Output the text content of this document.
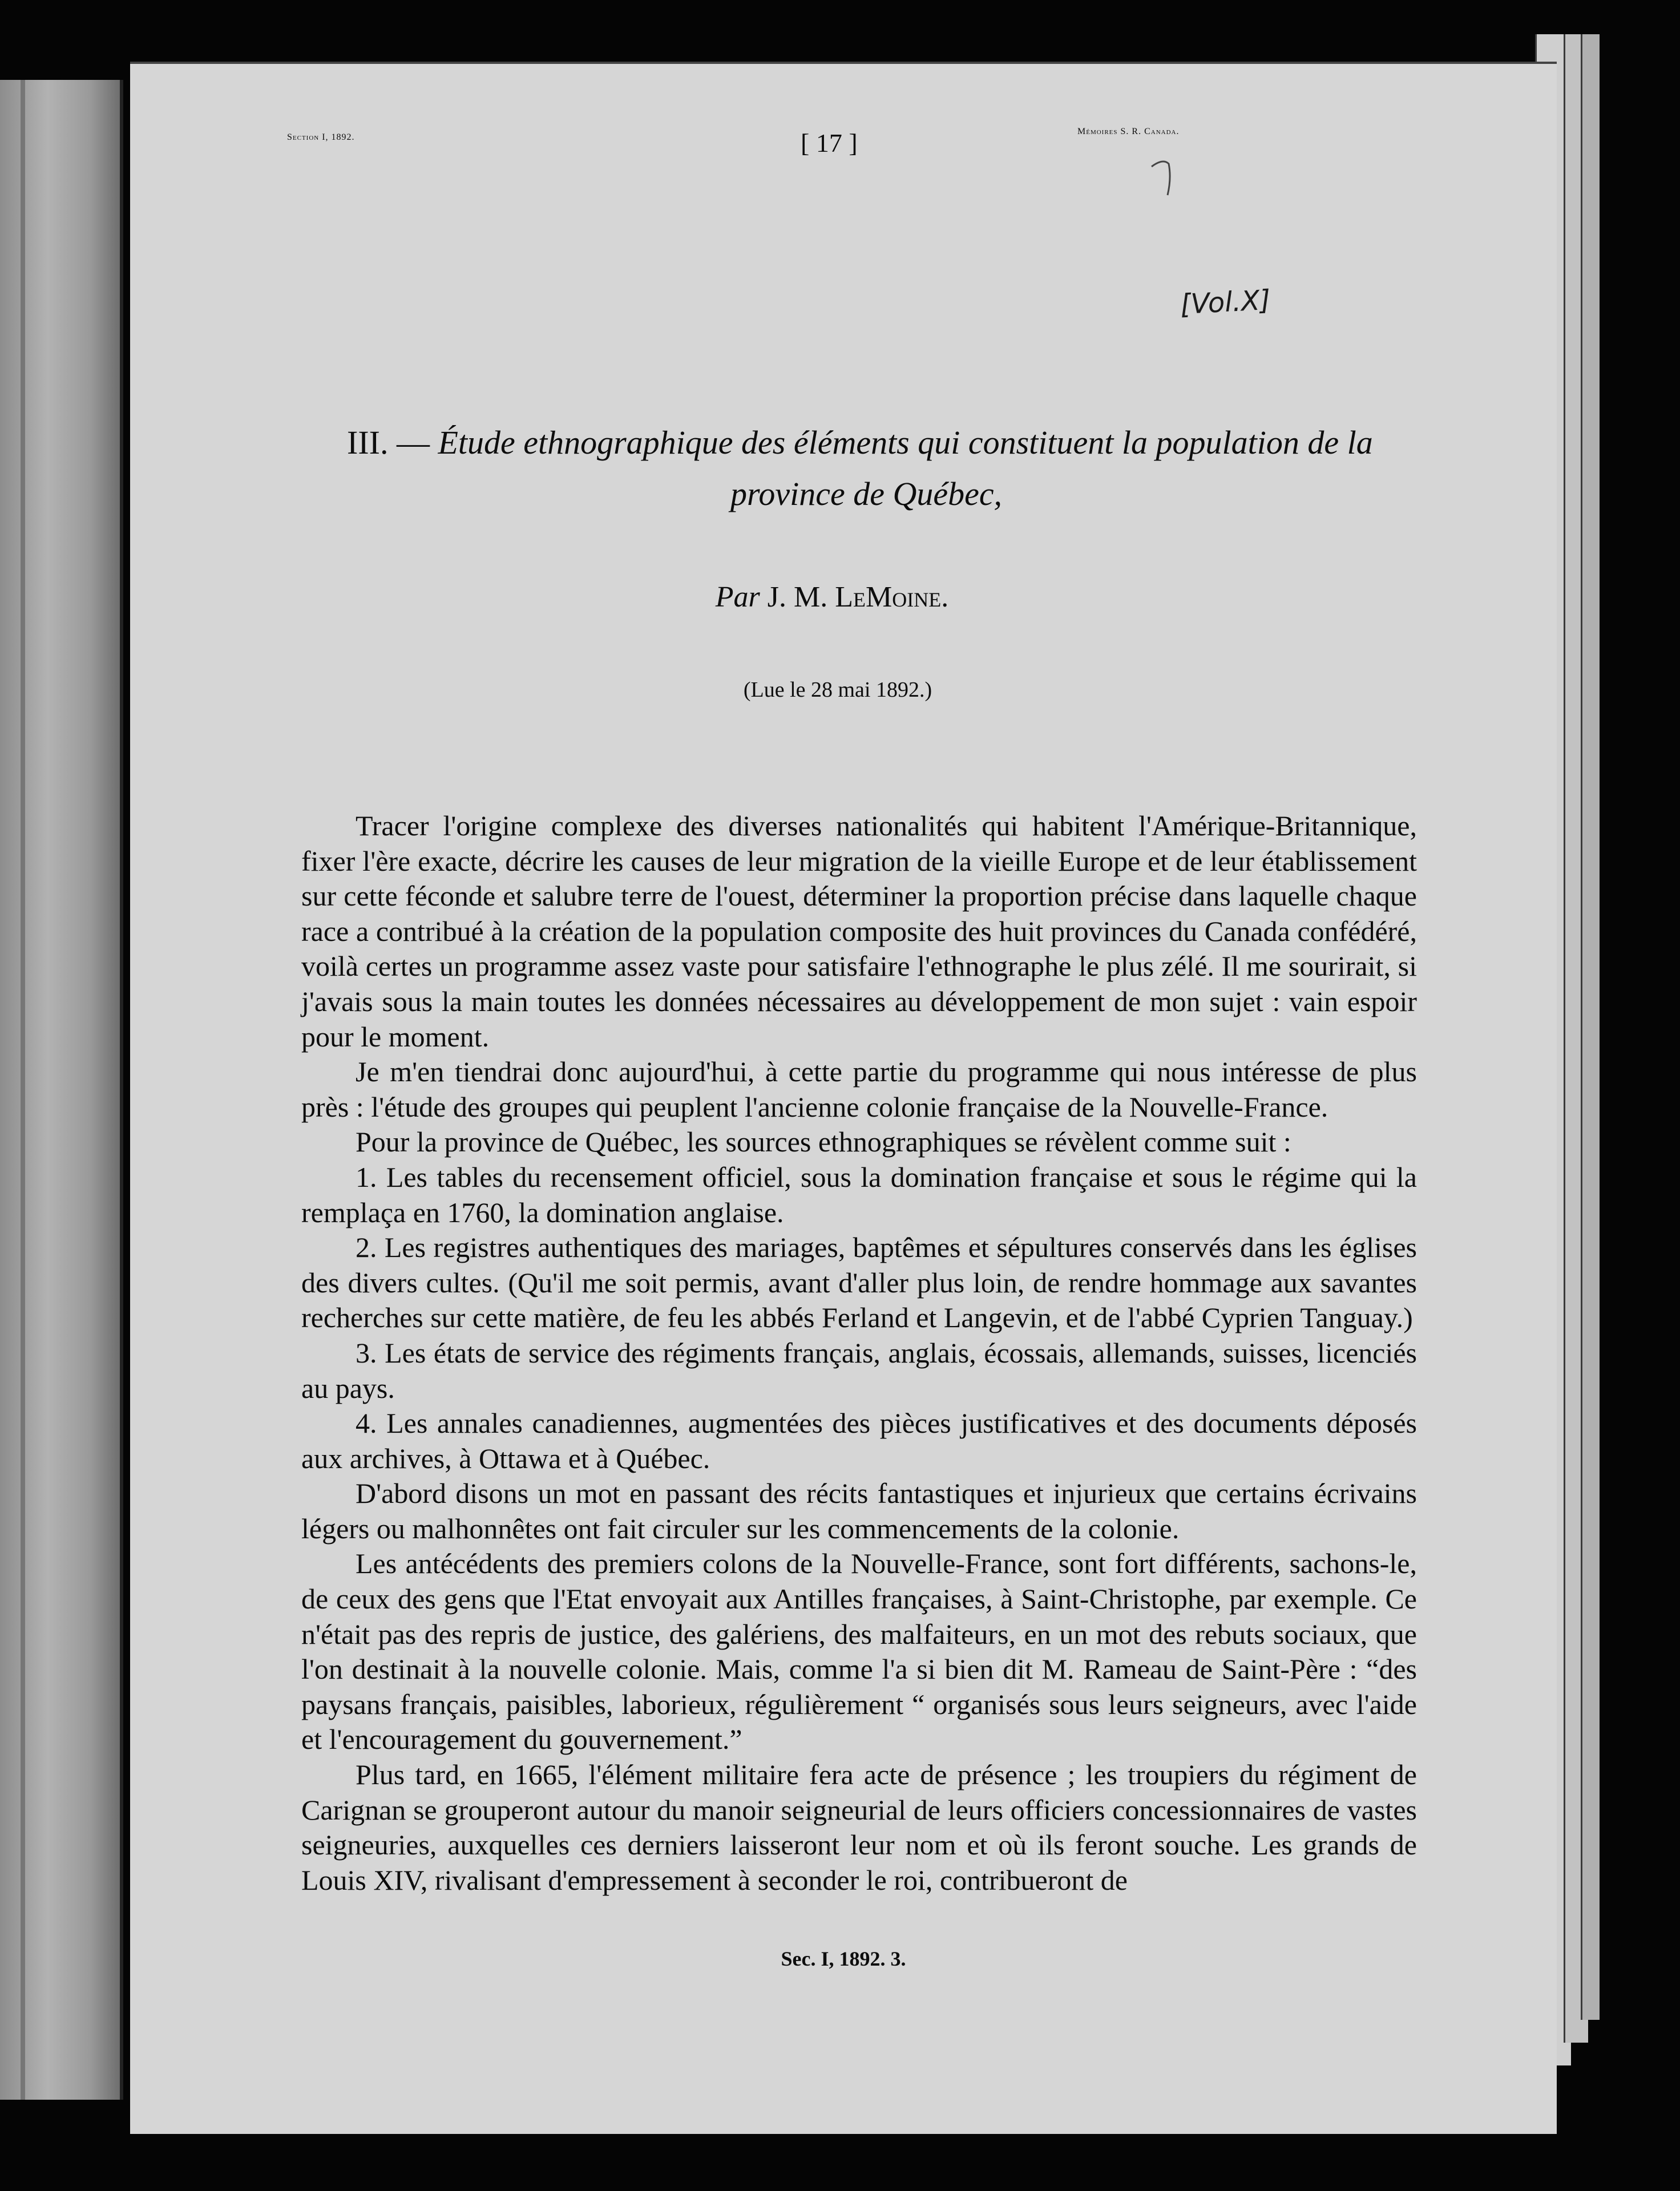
Section I, 1892.	[ 17 ]	Mémoires S. R. Canada.
[Vol.X]
III. — Étude ethnographique des éléments qui constituent la population de la
province de Québec,
Par J. M. LeMoine.
(Lue le 28 mai 1892.)

Tracer l'origine complexe des diverses nationalités qui habitent l'Amérique-Britannique, fixer l'ère exacte, décrire les causes de leur migration de la vieille Europe et de leur établissement sur cette féconde et salubre terre de l'ouest, déterminer la proportion précise dans laquelle chaque race a contribué à la création de la population composite des huit provinces du Canada confédéré, voilà certes un programme assez vaste pour satisfaire l'ethnographe le plus zélé. Il me sourirait, si j'avais sous la main toutes les données nécessaires au développement de mon sujet : vain espoir pour le moment.

Je m'en tiendrai donc aujourd'hui, à cette partie du programme qui nous intéresse de plus près : l'étude des groupes qui peuplent l'ancienne colonie française de la Nouvelle-France.

Pour la province de Québec, les sources ethnographiques se révèlent comme suit :

1. Les tables du recensement officiel, sous la domination française et sous le régime qui la remplaça en 1760, la domination anglaise.

2. Les registres authentiques des mariages, baptêmes et sépultures conservés dans les églises des divers cultes. (Qu'il me soit permis, avant d'aller plus loin, de rendre hommage aux savantes recherches sur cette matière, de feu les abbés Ferland et Langevin, et de l'abbé Cyprien Tanguay.)

3. Les états de service des régiments français, anglais, écossais, allemands, suisses, licenciés au pays.

4. Les annales canadiennes, augmentées des pièces justificatives et des documents déposés aux archives, à Ottawa et à Québec.

D'abord disons un mot en passant des récits fantastiques et injurieux que certains écrivains légers ou malhonnêtes ont fait circuler sur les commencements de la colonie.

Les antécédents des premiers colons de la Nouvelle-France, sont fort différents, sachons-le, de ceux des gens que l'Etat envoyait aux Antilles françaises, à Saint-Christophe, par exemple. Ce n'était pas des repris de justice, des galériens, des malfaiteurs, en un mot des rebuts sociaux, que l'on destinait à la nouvelle colonie. Mais, comme l'a si bien dit M. Rameau de Saint-Père : “des paysans français, paisibles, laborieux, régulièrement “ organisés sous leurs seigneurs, avec l'aide et l'encouragement du gouvernement.”

Plus tard, en 1665, l'élément militaire fera acte de présence ; les troupiers du régiment de Carignan se grouperont autour du manoir seigneurial de leurs officiers concessionnaires de vastes seigneuries, auxquelles ces derniers laisseront leur nom et où ils feront souche. Les grands de Louis XIV, rivalisant d'empressement à seconder le roi, contribueront de

Sec. I, 1892. 3.
